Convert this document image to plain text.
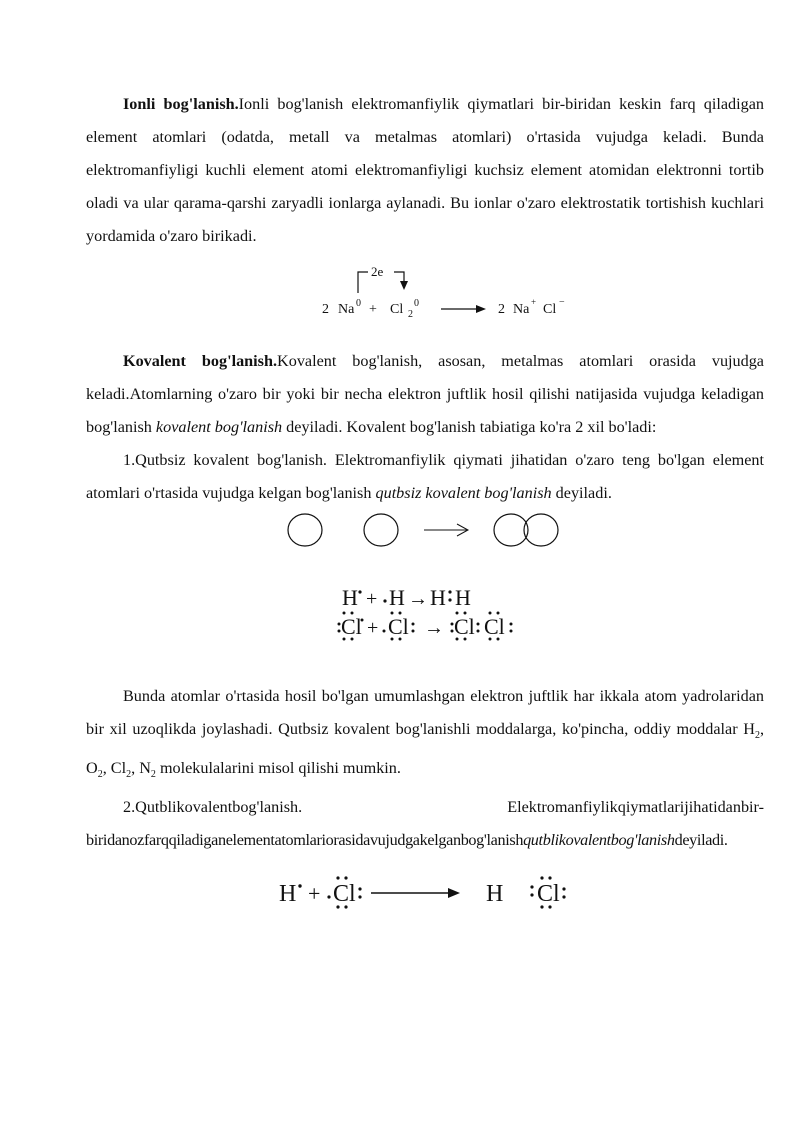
Ionli bog'lanish.Ionli bog'lanish elektromanfiylik qiymatlari bir-biridan keskin farq qiladigan element atomlari (odatda, metall va metalmas atomlari) o'rtasida vujudga keladi. Bunda elektromanfiyligi kuchli element atomi elektromanfiyligi kuchsiz element atomidan elektronni tortib oladi va ular qarama-qarshi zaryadli ionlarga aylanadi. Bu ionlar o'zaro elektrostatik tortishish kuchlari yordamida o'zaro birikadi.

2e
2 Na 0 + Cl 2
0	2 Na + Cl −

Kovalent bog'lanish.Kovalent bog'lanish, asosan, metalmas atomlari orasida vujudga keladi.Atomlarning o'zaro bir yoki bir necha elektron juftlik hosil qilishi natijasida vujudga keladigan bog'lanish kovalent bog'lanish deyiladi. Kovalent bog'lanish tabiatiga ko'ra 2 xil bo'ladi:

1.Qutbsiz kovalent bog'lanish. Elektromanfiylik qiymati jihatidan o'zaro teng bo'lgan element atomlari o'rtasida vujudga kelgan bog'lanish qutbsiz kovalent bog'lanish deyiladi.

H + H → H H
Cl + Cl → Cl Cl

Bunda atomlar o'rtasida hosil bo'lgan umumlashgan elektron juftlik har ikkala atom yadrolaridan bir xil uzoqlikda joylashadi. Qutbsiz kovalent bog'lanishli moddalarga, ko'pincha, oddiy moddalar $H_2$, $O_2$, $Cl_2$, $N_2$ molekulalarini misol qilishi mumkin.

2.Qutblikovalentbog'lanish.	Elektromanfiylikqiymatlarijihatidanbir-

biridanozfarqqiladiganelementatomlariorasidavujudgakelganbog'lanishqutblikovalentbog'lanishdeyiladi.

H + Cl	H Cl
